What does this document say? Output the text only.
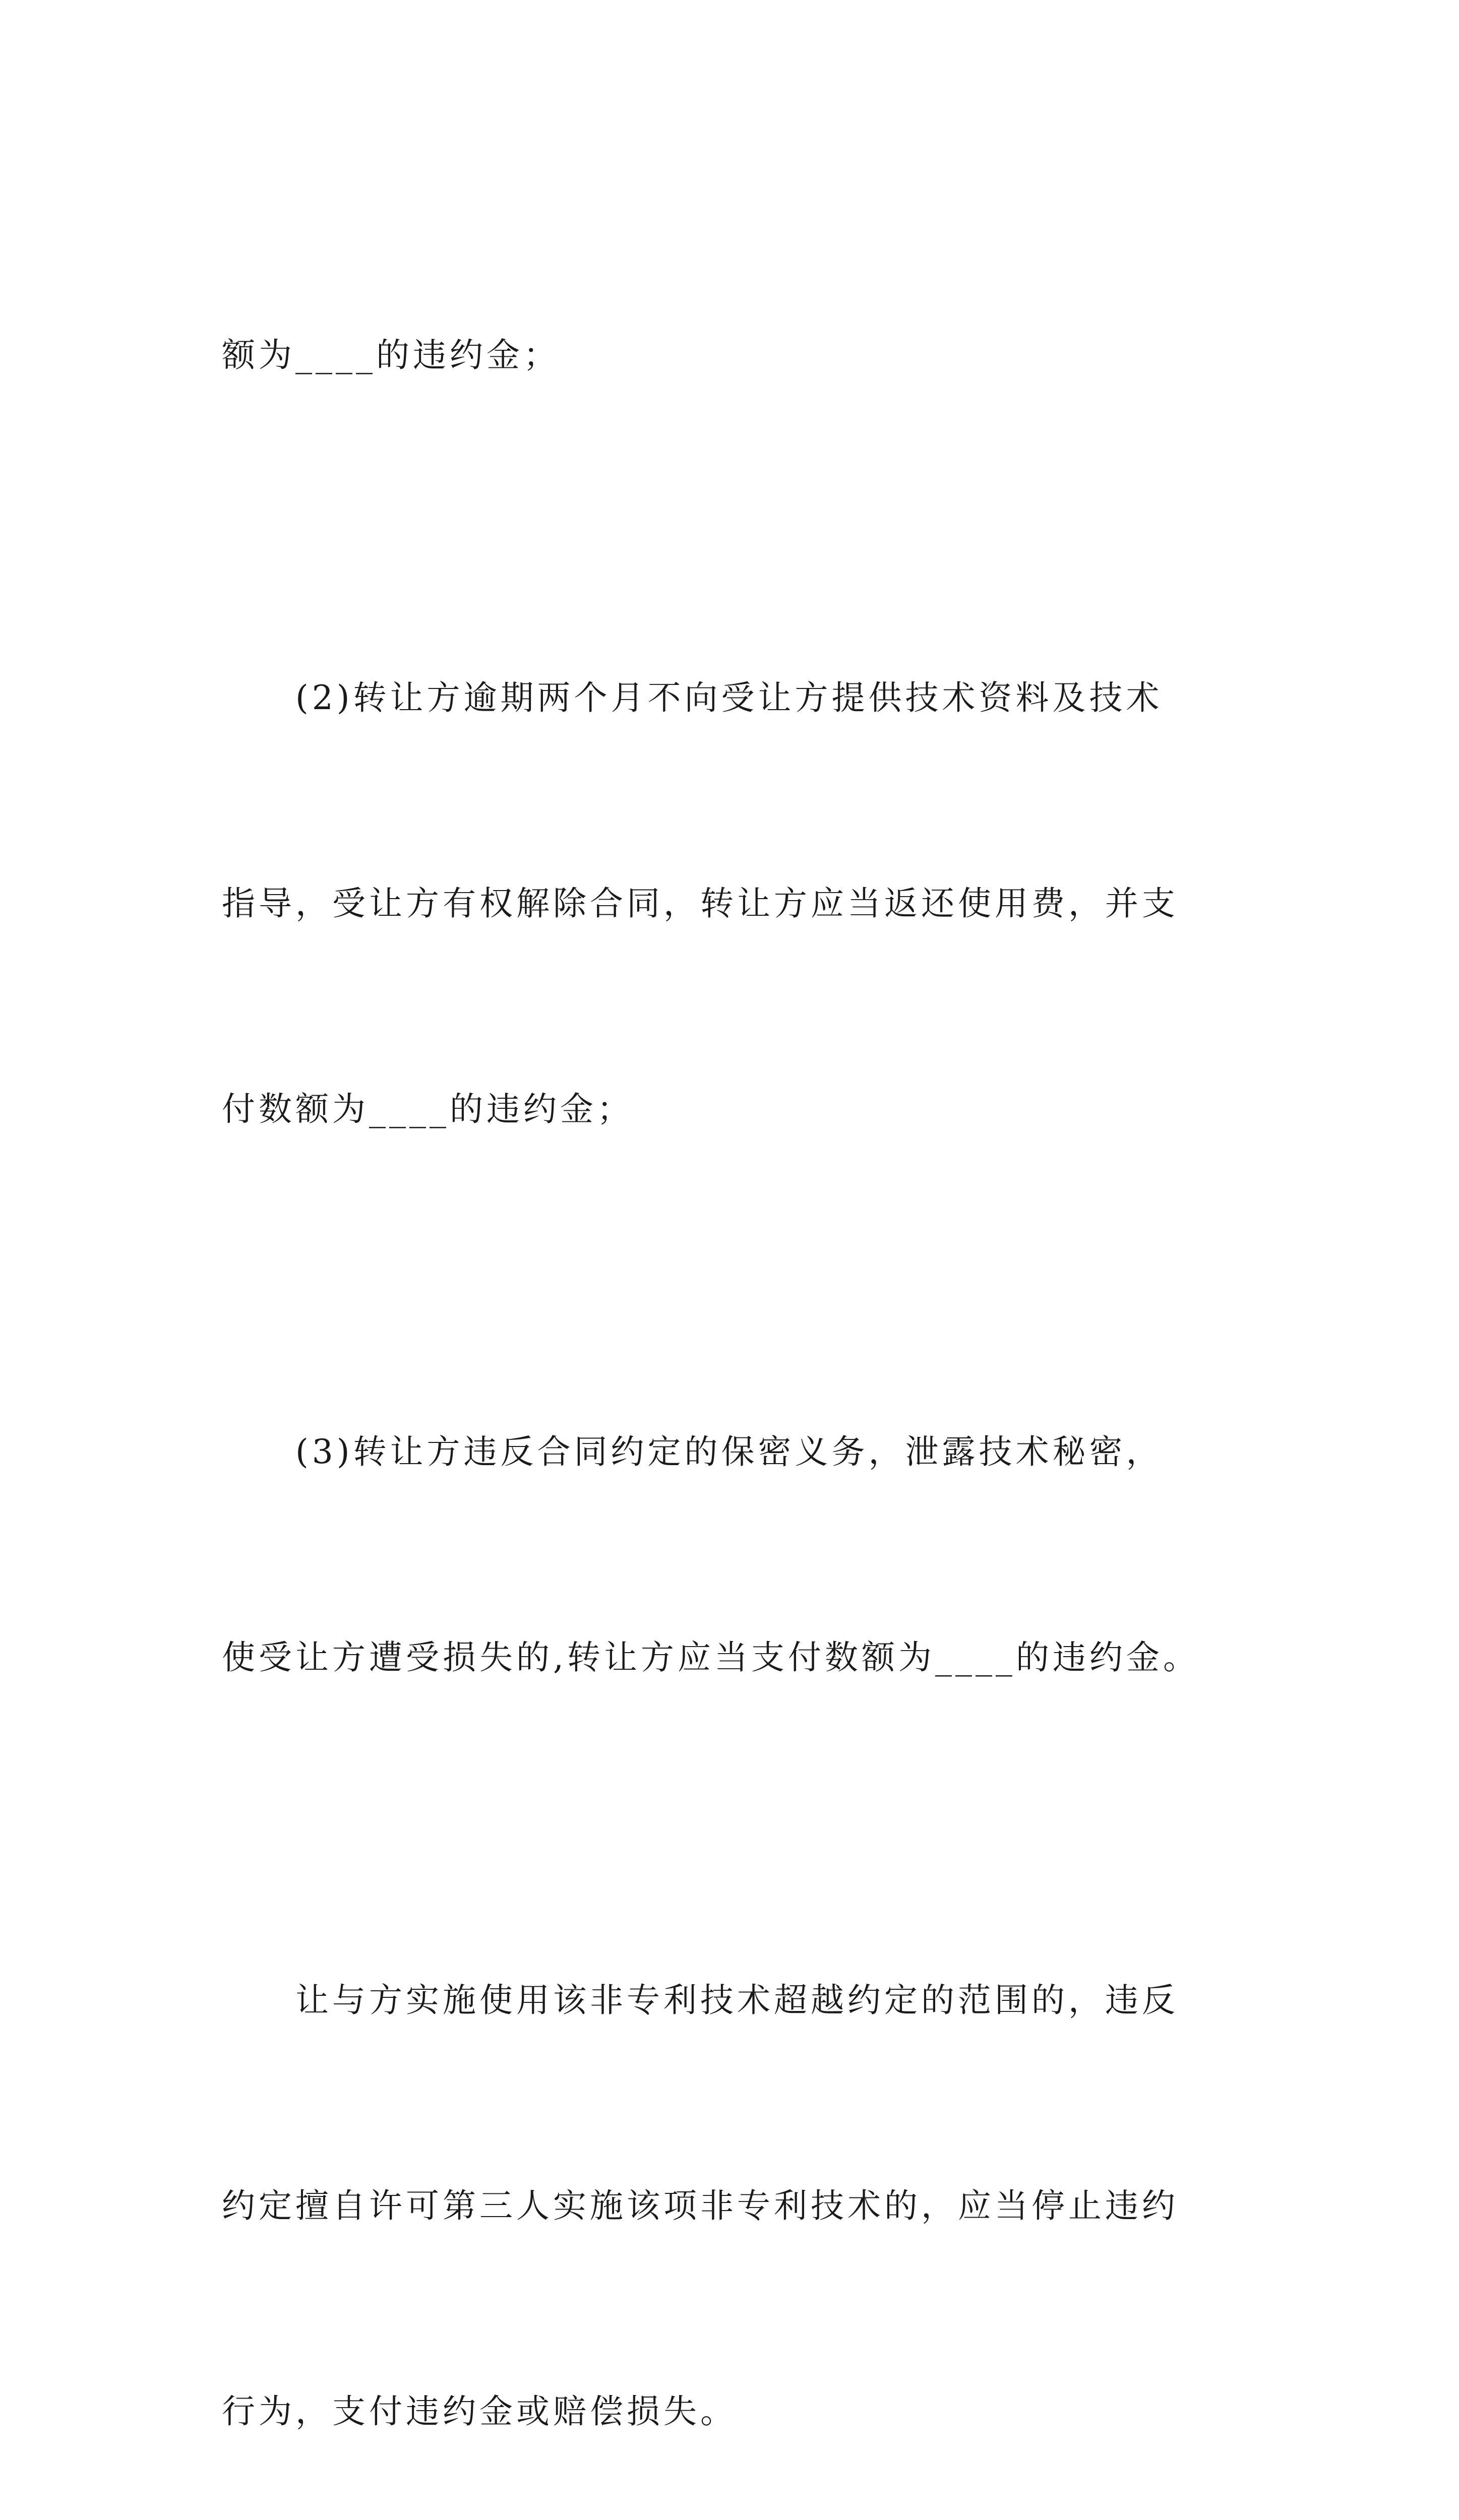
额为____的违约金；

　　(2)转让方逾期两个月不向受让方提供技术资料及技术

指导，受让方有权解除合同，转让方应当返还使用费，并支

付数额为____的违约金；

　　(3)转让方违反合同约定的保密义务，泄露技术秘密，

使受让方遭受损失的,转让方应当支付数额为____的违约金。

　　让与方实施使用该非专利技术超越约定的范围的，违反

约定擅自许可第三人实施该项非专利技术的，应当停止违约

行为，支付违约金或赔偿损失。
